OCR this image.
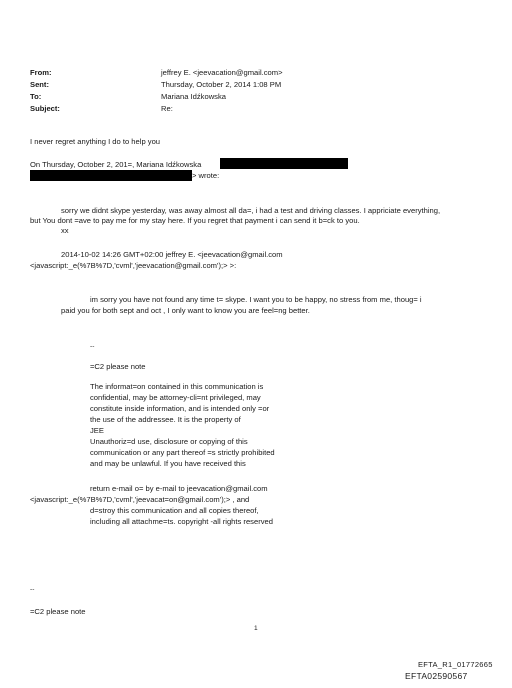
From:	jeffrey E. <jeevacation@gmail.com>
Sent:	Thursday, October 2, 2014 1:08 PM
To:	Mariana Idźkowska
Subject:	Re:
I never regret anything I do to help you
On Thursday, October 2, 201=, Mariana Idźkowska
> wrote:
sorry we didnt skype yesterday, was away almost all da=, i had a test and driving classes. I appriciate everything,
but You dont =ave to pay me for my stay here. If you regret that payment i can send it b=ck to you.
xx
2014-10-02 14:26 GMT+02:00 jeffrey E. <jeevacation@gmail.com
<javascript:_e(%7B%7D,'cvml','jeevacation@gmail.com');> >:
im sorry you have not found any time t= skype. I want you to be happy, no stress from me, thoug= i
paid you for both sept and oct , I only want to know you are feel=ng better.
--
=C2 please note
The informat=on contained in this communication is
confidential, may be attorney-cli=nt privileged, may
constitute inside information, and is intended only =or
the use of the addressee. It is the property of
JEE
Unauthoriz=d use, disclosure or copying of this
communication or any part thereof =s strictly prohibited
and may be unlawful. If you have received this
return e-mail o= by e-mail to jeevacation@gmail.com
<javascript:_e(%7B%7D,'cvml','jeevacat=on@gmail.com');> , and
d=stroy this communication and all copies thereof,
including all attachme=ts. copyright -all rights reserved
--
=C2 please note
1
EFTA_R1_01772665
EFTA02590567
